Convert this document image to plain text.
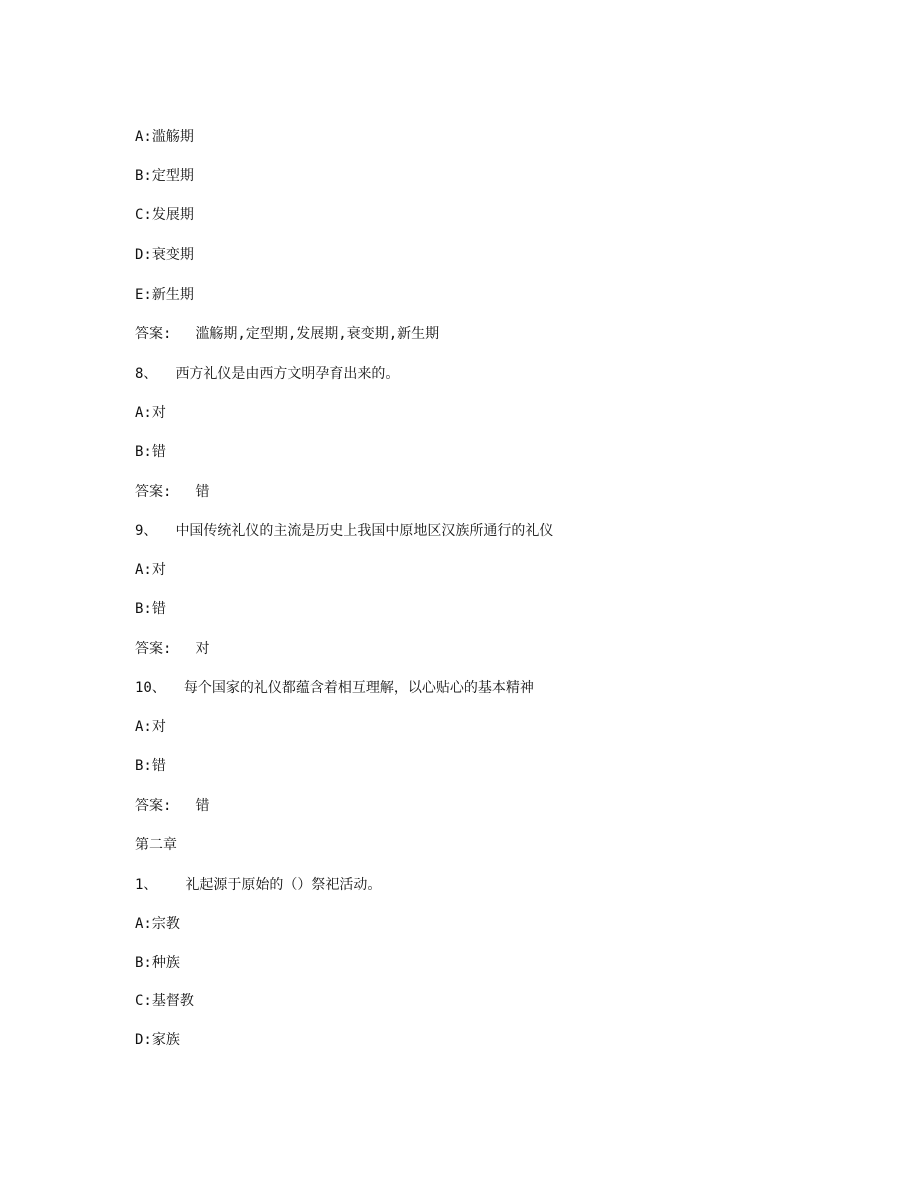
A:滥觞期
B:定型期
C:发展期
D:衰变期
E:新生期
答案: 滥觞期,定型期,发展期,衰变期,新生期
8、 西方礼仪是由西方文明孕育出来的。
A:对
B:错
答案: 错
9、 中国传统礼仪的主流是历史上我国中原地区汉族所通行的礼仪
A:对
B:错
答案: 对
10、 每个国家的礼仪都蕴含着相互理解，以心贴心的基本精神
A:对
B:错
答案: 错
第二章
1、 礼起源于原始的（）祭祀活动。
A:宗教
B:种族
C:基督教
D:家族
